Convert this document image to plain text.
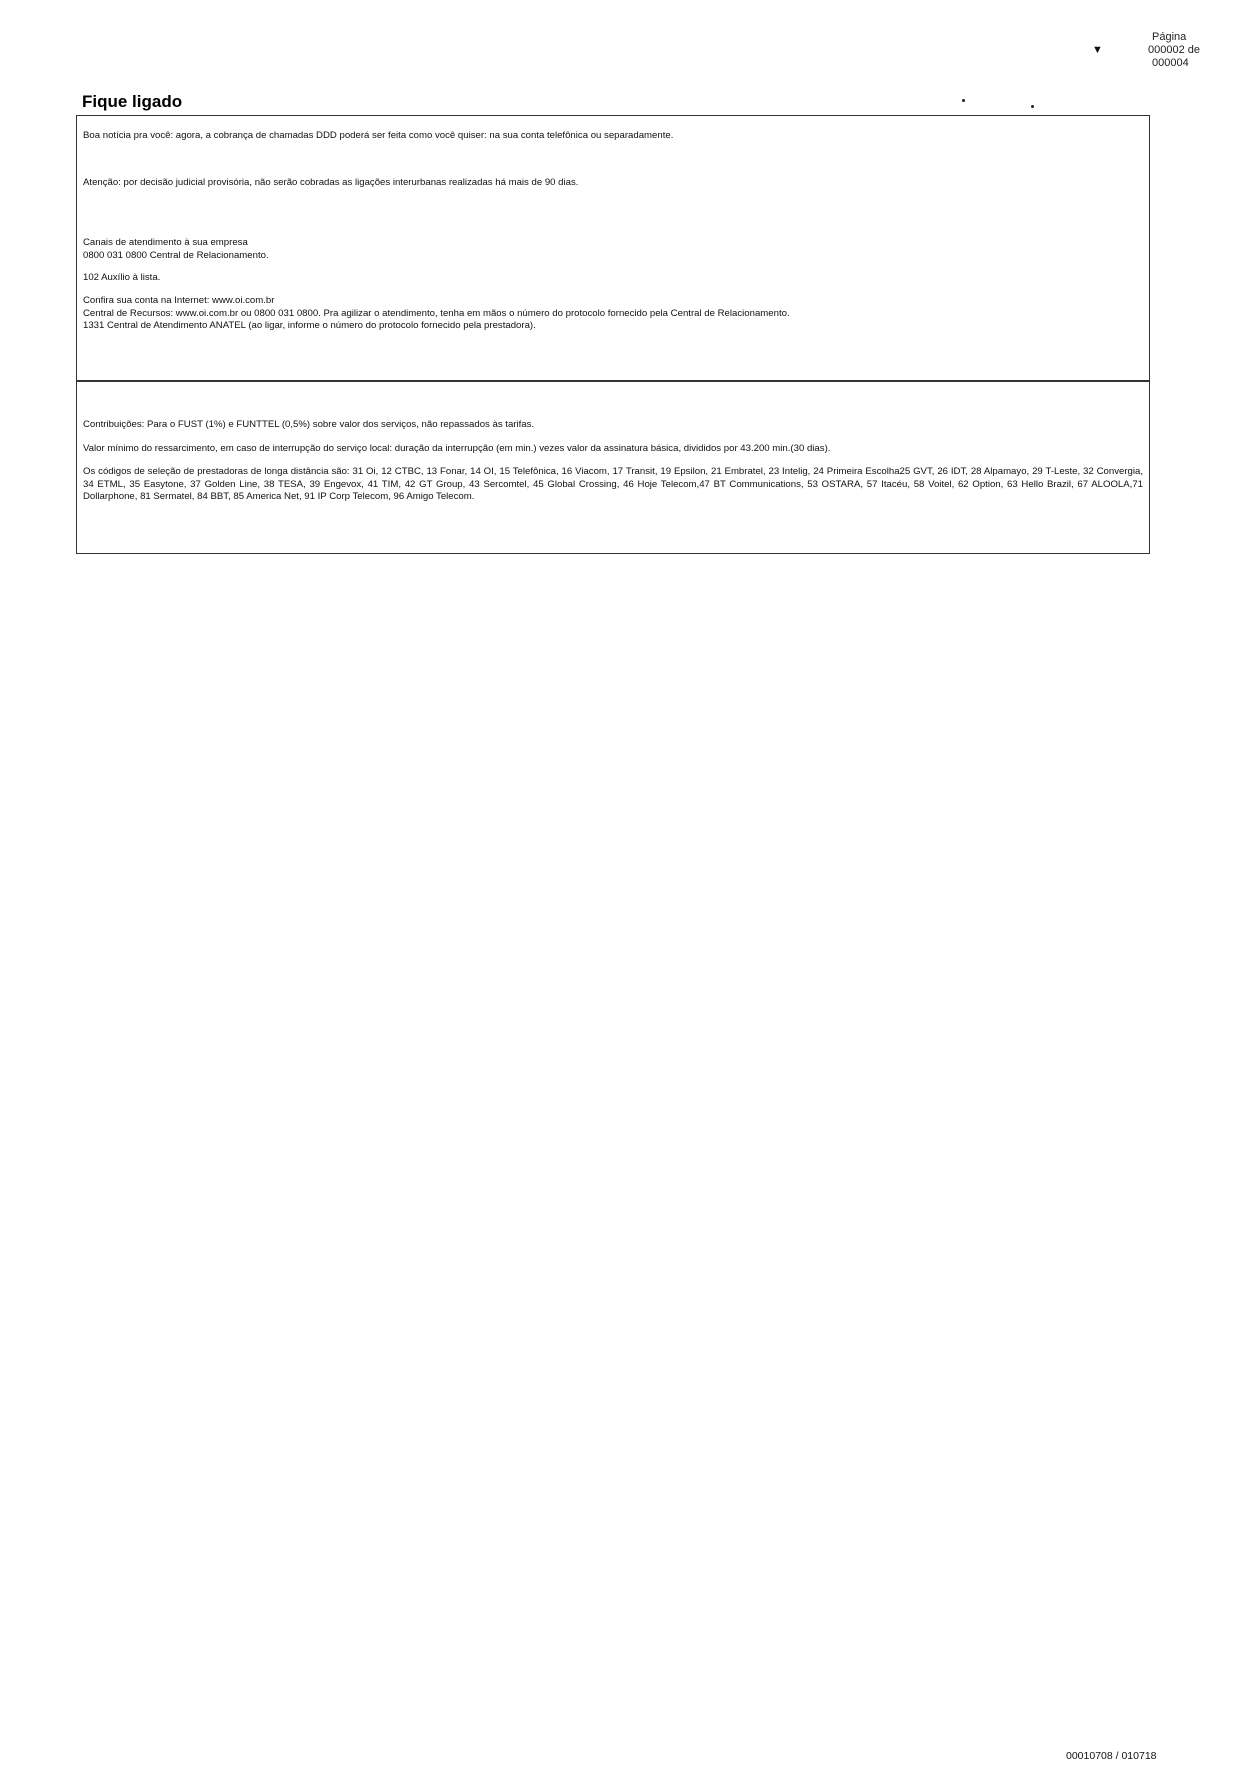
Página
000002 de
000004
▼
Fique ligado

Boa notícia pra você: agora, a cobrança de chamadas DDD poderá ser feita como você quiser: na sua conta telefônica ou separadamente.

Atenção: por decisão judicial provisória, não serão cobradas as ligações interurbanas realizadas há mais de 90 dias.

Canais de atendimento à sua empresa

0800 031 0800 Central de Relacionamento.

102 Auxílio à lista.

Confira sua conta na Internet: www.oi.com.br

Central de Recursos: www.oi.com.br ou 0800 031 0800. Pra agilizar o atendimento, tenha em mãos o número do protocolo fornecido pela Central de Relacionamento.

1331 Central de Atendimento ANATEL (ao ligar, informe o número do protocolo fornecido pela prestadora).

Contribuições: Para o FUST (1%) e FUNTTEL (0,5%) sobre valor dos serviços, não repassados às tarifas.

Valor mínimo do ressarcimento, em caso de interrupção do serviço local: duração da interrupção (em min.) vezes valor da assinatura básica, divididos por 43.200 min.(30 dias).

Os códigos de seleção de prestadoras de longa distância são: 31 Oi, 12 CTBC, 13 Fonar, 14 OI, 15 Telefônica, 16 Viacom, 17 Transit, 19 Epsilon, 21 Embratel, 23 Intelig, 24 Primeira Escolha25 GVT, 26 IDT, 28 Alpamayo, 29 T-Leste, 32 Convergia, 34 ETML, 35 Easytone, 37 Golden Line, 38 TESA, 39 Engevox, 41 TIM, 42 GT Group, 43 Sercomtel, 45 Global Crossing, 46 Hoje Telecom,47 BT Communications, 53 OSTARA, 57 Itacéu, 58 Voitel, 62 Option, 63 Hello Brazil, 67 ALOOLA,71 Dollarphone, 81 Sermatel, 84 BBT, 85 America Net, 91 IP Corp Telecom, 96 Amigo Telecom.

00010708 / 010718
